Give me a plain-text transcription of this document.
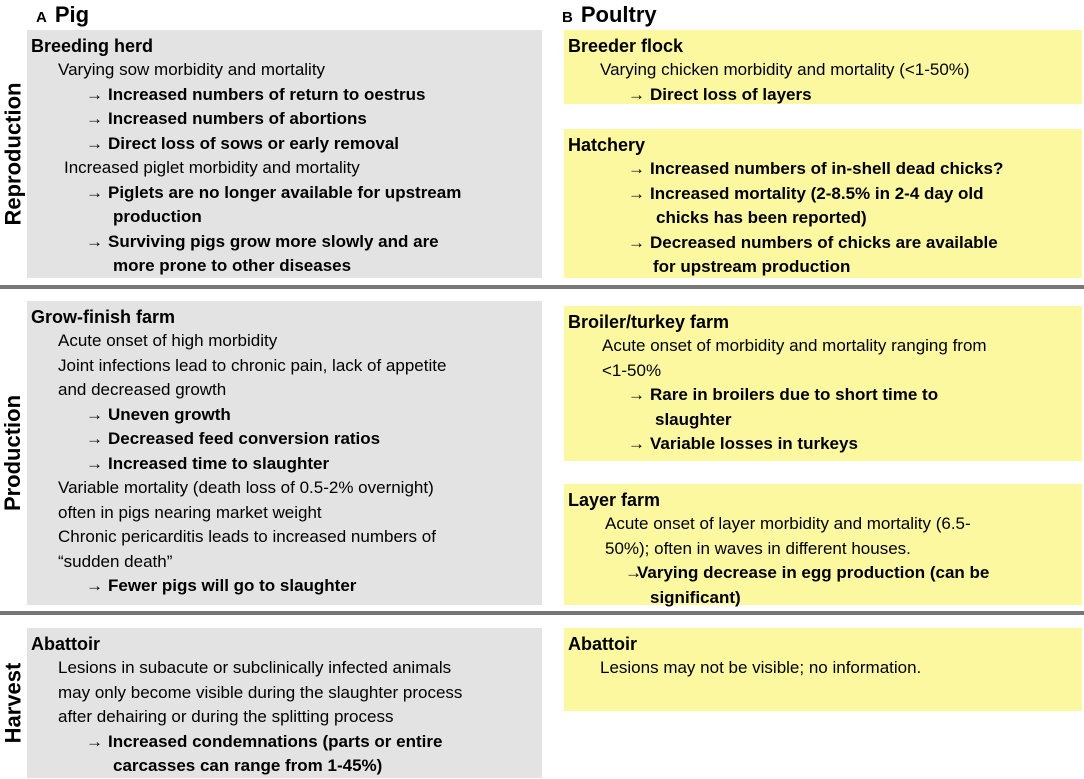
A Pig	B Poultry
Reproduction
Production
Harvest
Breeding herd
Varying sow morbidity and mortality
→ Increased numbers of return to oestrus
→ Increased numbers of abortions
→ Direct loss of sows or early removal
Increased piglet morbidity and mortality
→ Piglets are no longer available for upstream
production
→ Surviving pigs grow more slowly and are
more prone to other diseases
Grow-finish farm
Acute onset of high morbidity
Joint infections lead to chronic pain, lack of appetite
and decreased growth
→ Uneven growth
→ Decreased feed conversion ratios
→ Increased time to slaughter
Variable mortality (death loss of 0.5-2% overnight)
often in pigs nearing market weight
Chronic pericarditis leads to increased numbers of
“sudden death”
→ Fewer pigs will go to slaughter
Abattoir
Lesions in subacute or subclinically infected animals
may only become visible during the slaughter process
after dehairing or during the splitting process
→ Increased condemnations (parts or entire
carcasses can range from 1-45%)
Breeder flock
Varying chicken morbidity and mortality (<1-50%)
→ Direct loss of layers
Hatchery
→ Increased numbers of in-shell dead chicks?
→ Increased mortality (2-8.5% in 2-4 day old
chicks has been reported)
→ Decreased numbers of chicks are available
for upstream production
Broiler/turkey farm
Acute onset of morbidity and mortality ranging from
<1-50%
→ Rare in broilers due to short time to
slaughter
→ Variable losses in turkeys
Layer farm
Acute onset of layer morbidity and mortality (6.5-
50%); often in waves in different houses.
→Varying decrease in egg production (can be
significant)
Abattoir
Lesions may not be visible; no information.
